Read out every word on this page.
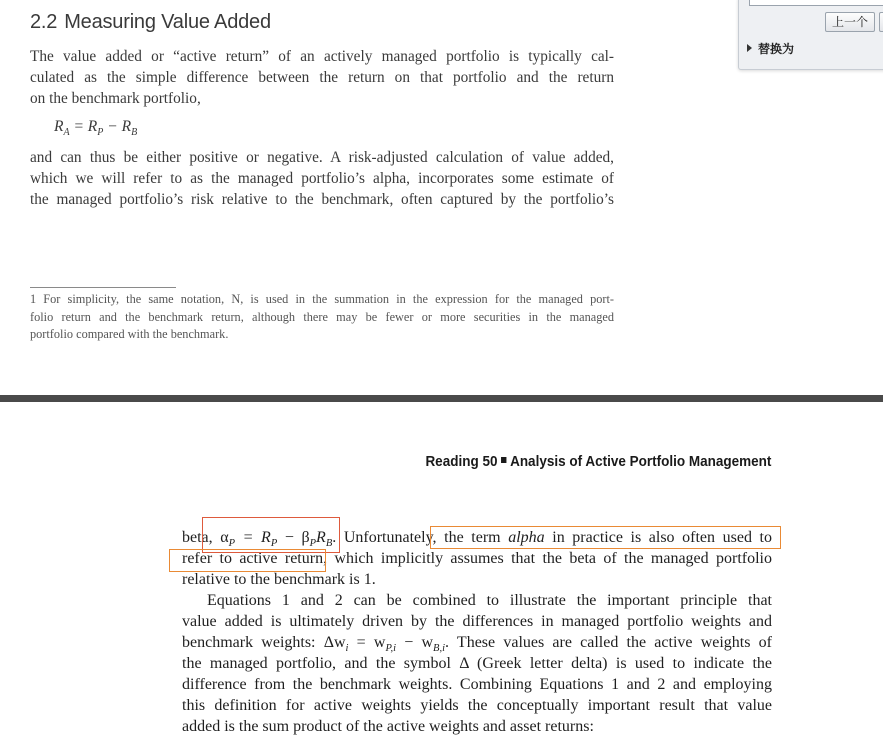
2.2 Measuring Value Added
The value added or “active return” of an actively managed portfolio is typically cal-
culated as the simple difference between the return on that portfolio and the return
on the benchmark portfolio,
$R_A = R_P - R_B$
and can thus be either positive or negative. A risk-adjusted calculation of value added,
which we will refer to as the managed portfolio’s alpha, incorporates some estimate of
the managed portfolio’s risk relative to the benchmark, often captured by the portfolio’s
1 For simplicity, the same notation, N, is used in the summation in the expression for the managed port-
folio return and the benchmark return, although there may be fewer or more securities in the managed
portfolio compared with the benchmark.
上一个
替换为
Reading 50 Analysis of Active Portfolio Management
beta, $\alpha_P = R_P - \beta_PR_B$. Unfortunately, the term alpha in practice is also often used to
refer to active return, which implicitly assumes that the beta of the managed portfolio
relative to the benchmark is 1.
Equations 1 and 2 can be combined to illustrate the important principle that
value added is ultimately driven by the differences in managed portfolio weights and
benchmark weights: $\Delta w_i = w_{P,i} - w_{B,i}$. These values are called the active weights of
the managed portfolio, and the symbol Δ (Greek letter delta) is used to indicate the
difference from the benchmark weights. Combining Equations 1 and 2 and employing
this definition for active weights yields the conceptually important result that value
added is the sum product of the active weights and asset returns:
